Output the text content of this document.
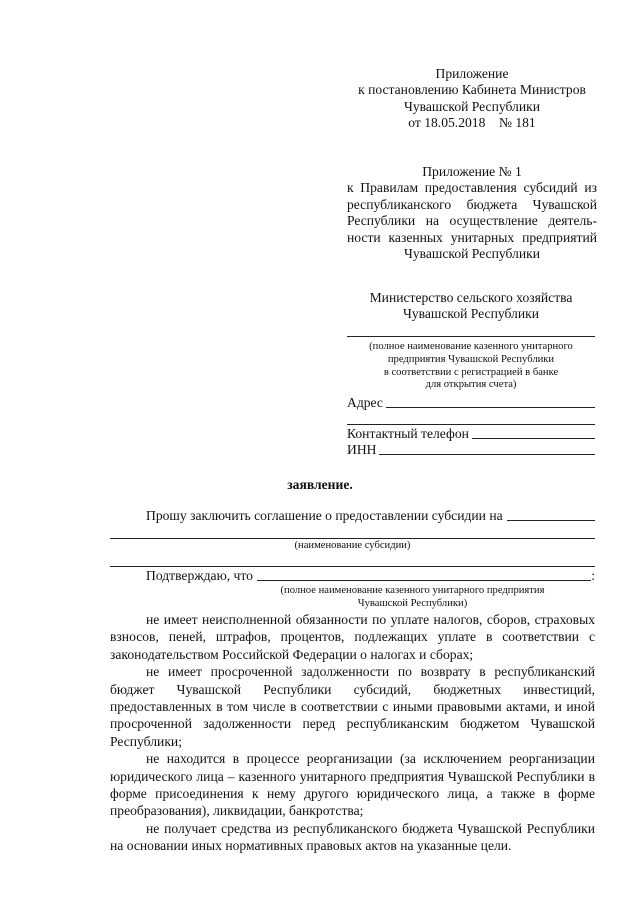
Приложение
к постановлению Кабинета Министров
Чувашской Республики
от 18.05.2018    № 181
Приложение № 1
к Правилам предоставления субсидий из
республиканского бюджета Чувашской
Республики на осуществление деятель-
ности казенных унитарных предприятий
Чувашской Республики
Министерство сельского хозяйства
Чувашской Республики
(полное наименование казенного унитарного
предприятия Чувашской Республики
в соответствии с регистрацией в банке
для открытия счета)
Адрес
Контактный телефон
ИНН
заявление.
Прошу заключить соглашение о предоставлении субсидии на
(наименование субсидии)
Подтверждаю, что	:
(полное наименование казенного унитарного предприятия
Чувашской Республики)

не имеет неисполненной обязанности по уплате налогов, сборов, страховых взносов, пеней, штрафов, процентов, подлежащих уплате в соответствии с законодательством Российской Федерации о налогах и сборах;

не имеет просроченной задолженности по возврату в республиканский бюджет Чувашской Республики субсидий, бюджетных инвестиций, предоставленных в том числе в соответствии с иными правовыми актами, и иной просроченной задолженности перед республиканским бюджетом Чувашской Республики;

не находится в процессе реорганизации (за исключением реорганизации юридического лица – казенного унитарного предприятия Чувашской Республики в форме присоединения к нему другого юридического лица, а также в форме преобразования), ликвидации, банкротства;

не получает средства из республиканского бюджета Чувашской Республики на основании иных нормативных правовых актов на указанные цели.
